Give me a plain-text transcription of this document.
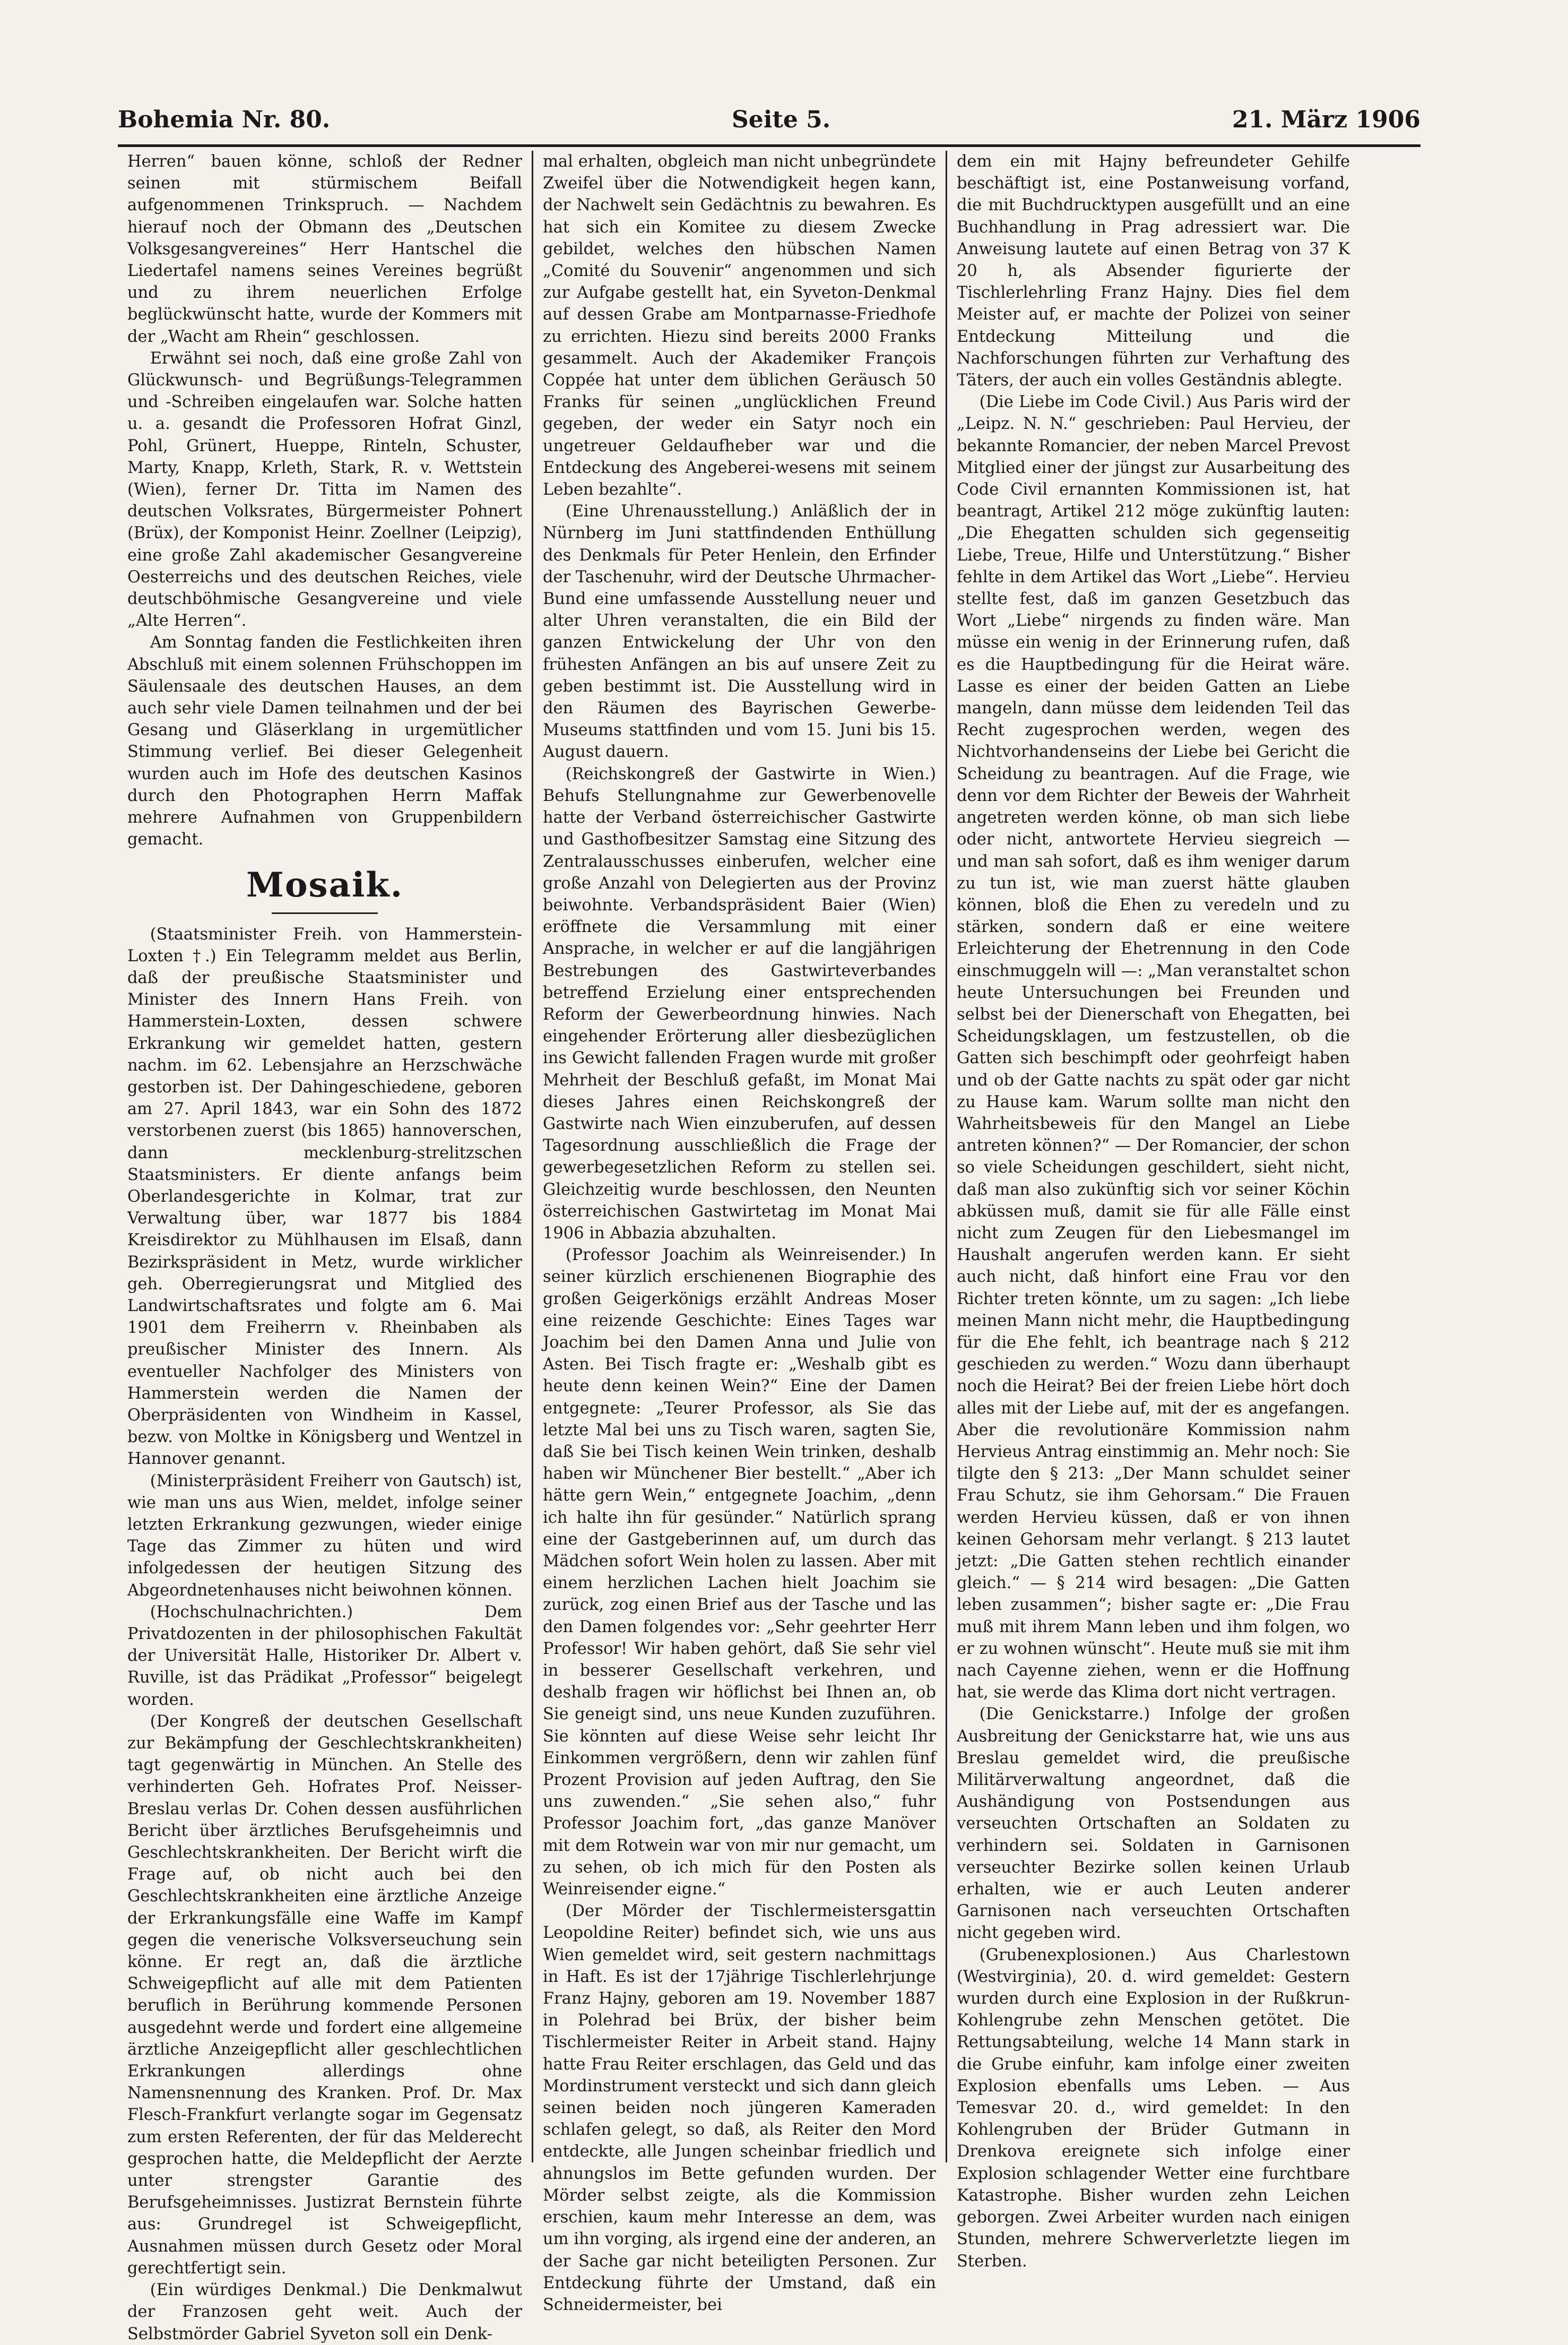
Bohemia Nr. 80.	Seite 5.	21. März 1906

Herren“ bauen könne, schloß der Redner seinen mit stürmischem Beifall aufgenommenen Trinkspruch. — Nachdem hierauf noch der Obmann des „Deutschen Volksgesangvereines“ Herr Hantschel die Liedertafel namens seines Vereines begrüßt und zu ihrem neuerlichen Erfolge beglückwünscht hatte, wurde der Kommers mit der „Wacht am Rhein“ geschlossen.

Erwähnt sei noch, daß eine große Zahl von Glückwunsch- und Begrüßungs-Telegrammen und -Schreiben eingelaufen war. Solche hatten u. a. gesandt die Professoren Hofrat Ginzl, Pohl, Grünert, Hueppe, Rinteln, Schuster, Marty, Knapp, Krleth, Stark, R. v. Wettstein (Wien), ferner Dr. Titta im Namen des deutschen Volksrates, Bürgermeister Pohnert (Brüx), der Komponist Heinr. Zoellner (Leipzig), eine große Zahl akademischer Gesangvereine Oesterreichs und des deutschen Reiches, viele deutschböhmische Gesangvereine und viele „Alte Herren“.

Am Sonntag fanden die Festlichkeiten ihren Abschluß mit einem solennen Frühschoppen im Säulensaale des deutschen Hauses, an dem auch sehr viele Damen teilnahmen und der bei Gesang und Gläserklang in urgemütlicher Stimmung verlief. Bei dieser Gelegenheit wurden auch im Hofe des deutschen Kasinos durch den Photographen Herrn Maffak mehrere Aufnahmen von Gruppenbildern gemacht.

Mosaik.

(Staatsminister Freih. von Hammerstein-Loxten †.) Ein Telegramm meldet aus Berlin, daß der preußische Staatsminister und Minister des Innern Hans Freih. von Hammerstein-Loxten, dessen schwere Erkrankung wir gemeldet hatten, gestern nachm. im 62. Lebensjahre an Herzschwäche gestorben ist. Der Dahingeschiedene, geboren am 27. April 1843, war ein Sohn des 1872 verstorbenen zuerst (bis 1865) hannoverschen, dann mecklenburg-strelitzschen Staatsministers. Er diente anfangs beim Oberlandesgerichte in Kolmar, trat zur Verwaltung über, war 1877 bis 1884 Kreisdirektor zu Mühlhausen im Elsaß, dann Bezirkspräsident in Metz, wurde wirklicher geh. Oberregierungsrat und Mitglied des Landwirtschaftsrates und folgte am 6. Mai 1901 dem Freiherrn v. Rheinbaben als preußischer Minister des Innern. Als eventueller Nachfolger des Ministers von Hammerstein werden die Namen der Oberpräsidenten von Windheim in Kassel, bezw. von Moltke in Königsberg und Wentzel in Hannover genannt.

(Ministerpräsident Freiherr von Gautsch) ist, wie man uns aus Wien, meldet, infolge seiner letzten Erkrankung gezwungen, wieder einige Tage das Zimmer zu hüten und wird infolgedessen der heutigen Sitzung des Abgeordnetenhauses nicht beiwohnen können.

(Hochschulnachrichten.) Dem Privatdozenten in der philosophischen Fakultät der Universität Halle, Historiker Dr. Albert v. Ruville, ist das Prädikat „Professor“ beigelegt worden.

(Der Kongreß der deutschen Gesellschaft zur Bekämpfung der Geschlechtskrankheiten) tagt gegenwärtig in München. An Stelle des verhinderten Geh. Hofrates Prof. Neisser-Breslau verlas Dr. Cohen dessen ausführlichen Bericht über ärztliches Berufsgeheimnis und Geschlechtskrankheiten. Der Bericht wirft die Frage auf, ob nicht auch bei den Geschlechtskrankheiten eine ärztliche Anzeige der Erkrankungsfälle eine Waffe im Kampf gegen die venerische Volksverseuchung sein könne. Er regt an, daß die ärztliche Schweigepflicht auf alle mit dem Patienten beruflich in Berührung kommende Personen ausgedehnt werde und fordert eine allgemeine ärztliche Anzeigepflicht aller geschlechtlichen Erkrankungen allerdings ohne Namensnennung des Kranken. Prof. Dr. Max Flesch-Frankfurt verlangte sogar im Gegensatz zum ersten Referenten, der für das Melderecht gesprochen hatte, die Meldepflicht der Aerzte unter strengster Garantie des Berufsgeheimnisses. Justizrat Bernstein führte aus: Grundregel ist Schweigepflicht, Ausnahmen müssen durch Gesetz oder Moral gerechtfertigt sein.

(Ein würdiges Denkmal.) Die Denkmalwut der Franzosen geht weit. Auch der Selbstmörder Gabriel Syveton soll ein Denk-

mal erhalten, obgleich man nicht unbegründete Zweifel über die Notwendigkeit hegen kann, der Nachwelt sein Gedächtnis zu bewahren. Es hat sich ein Komitee zu diesem Zwecke gebildet, welches den hübschen Namen „Comité du Souvenir“ angenommen und sich zur Aufgabe gestellt hat, ein Syveton-Denkmal auf dessen Grabe am Montparnasse-Friedhofe zu errichten. Hiezu sind bereits 2000 Franks gesammelt. Auch der Akademiker François Coppée hat unter dem üblichen Geräusch 50 Franks für seinen „unglücklichen Freund gegeben, der weder ein Satyr noch ein ungetreuer Geldaufheber war und die Entdeckung des Angeberei-wesens mit seinem Leben bezahlte“.

(Eine Uhrenausstellung.) Anläßlich der in Nürnberg im Juni stattfindenden Enthüllung des Denkmals für Peter Henlein, den Erfinder der Taschenuhr, wird der Deutsche Uhrmacher-Bund eine umfassende Ausstellung neuer und alter Uhren veranstalten, die ein Bild der ganzen Entwickelung der Uhr von den frühesten Anfängen an bis auf unsere Zeit zu geben bestimmt ist. Die Ausstellung wird in den Räumen des Bayrischen Gewerbe-Museums stattfinden und vom 15. Juni bis 15. August dauern.

(Reichskongreß der Gastwirte in Wien.) Behufs Stellungnahme zur Gewerbenovelle hatte der Verband österreichischer Gastwirte und Gasthofbesitzer Samstag eine Sitzung des Zentralausschusses einberufen, welcher eine große Anzahl von Delegierten aus der Provinz beiwohnte. Verbandspräsident Baier (Wien) eröffnete die Versammlung mit einer Ansprache, in welcher er auf die langjährigen Bestrebungen des Gastwirteverbandes betreffend Erzielung einer entsprechenden Reform der Gewerbeordnung hinwies. Nach eingehender Erörterung aller diesbezüglichen ins Gewicht fallenden Fragen wurde mit großer Mehrheit der Beschluß gefaßt, im Monat Mai dieses Jahres einen Reichskongreß der Gastwirte nach Wien einzuberufen, auf dessen Tagesordnung ausschließlich die Frage der gewerbegesetzlichen Reform zu stellen sei. Gleichzeitig wurde beschlossen, den Neunten österreichischen Gastwirtetag im Monat Mai 1906 in Abbazia abzuhalten.

(Professor Joachim als Weinreisender.) In seiner kürzlich erschienenen Biographie des großen Geigerkönigs erzählt Andreas Moser eine reizende Geschichte: Eines Tages war Joachim bei den Damen Anna und Julie von Asten. Bei Tisch fragte er: „Weshalb gibt es heute denn keinen Wein?“ Eine der Damen entgegnete: „Teurer Professor, als Sie das letzte Mal bei uns zu Tisch waren, sagten Sie, daß Sie bei Tisch keinen Wein trinken, deshalb haben wir Münchener Bier bestellt.“ „Aber ich hätte gern Wein,“ entgegnete Joachim, „denn ich halte ihn für gesünder.“ Natürlich sprang eine der Gastgeberinnen auf, um durch das Mädchen sofort Wein holen zu lassen. Aber mit einem herzlichen Lachen hielt Joachim sie zurück, zog einen Brief aus der Tasche und las den Damen folgendes vor: „Sehr geehrter Herr Professor! Wir haben gehört, daß Sie sehr viel in besserer Gesellschaft verkehren, und deshalb fragen wir höflichst bei Ihnen an, ob Sie geneigt sind, uns neue Kunden zuzuführen. Sie könnten auf diese Weise sehr leicht Ihr Einkommen vergrößern, denn wir zahlen fünf Prozent Provision auf jeden Auftrag, den Sie uns zuwenden.“ „Sie sehen also,“ fuhr Professor Joachim fort, „das ganze Manöver mit dem Rotwein war von mir nur gemacht, um zu sehen, ob ich mich für den Posten als Weinreisender eigne.“

(Der Mörder der Tischlermeistersgattin Leopoldine Reiter) befindet sich, wie uns aus Wien gemeldet wird, seit gestern nachmittags in Haft. Es ist der 17jährige Tischlerlehrjunge Franz Hajny, geboren am 19. November 1887 in Polehrad bei Brüx, der bisher beim Tischlermeister Reiter in Arbeit stand. Hajny hatte Frau Reiter erschlagen, das Geld und das Mordinstrument versteckt und sich dann gleich seinen beiden noch jüngeren Kameraden schlafen gelegt, so daß, als Reiter den Mord entdeckte, alle Jungen scheinbar friedlich und ahnungslos im Bette gefunden wurden. Der Mörder selbst zeigte, als die Kommission erschien, kaum mehr Interesse an dem, was um ihn vorging, als irgend eine der anderen, an der Sache gar nicht beteiligten Personen. Zur Entdeckung führte der Umstand, daß ein Schneidermeister, bei

dem ein mit Hajny befreundeter Gehilfe beschäftigt ist, eine Postanweisung vorfand, die mit Buchdrucktypen ausgefüllt und an eine Buchhandlung in Prag adressiert war. Die Anweisung lautete auf einen Betrag von 37 K 20 h, als Absender figurierte der Tischlerlehrling Franz Hajny. Dies fiel dem Meister auf, er machte der Polizei von seiner Entdeckung Mitteilung und die Nachforschungen führten zur Verhaftung des Täters, der auch ein volles Geständnis ablegte.

(Die Liebe im Code Civil.) Aus Paris wird der „Leipz. N. N.“ geschrieben: Paul Hervieu, der bekannte Romancier, der neben Marcel Prevost Mitglied einer der jüngst zur Ausarbeitung des Code Civil ernannten Kommissionen ist, hat beantragt, Artikel 212 möge zukünftig lauten: „Die Ehegatten schulden sich gegenseitig Liebe, Treue, Hilfe und Unterstützung.“ Bisher fehlte in dem Artikel das Wort „Liebe“. Hervieu stellte fest, daß im ganzen Gesetzbuch das Wort „Liebe“ nirgends zu finden wäre. Man müsse ein wenig in der Erinnerung rufen, daß es die Hauptbedingung für die Heirat wäre. Lasse es einer der beiden Gatten an Liebe mangeln, dann müsse dem leidenden Teil das Recht zugesprochen werden, wegen des Nichtvorhandenseins der Liebe bei Gericht die Scheidung zu beantragen. Auf die Frage, wie denn vor dem Richter der Beweis der Wahrheit angetreten werden könne, ob man sich liebe oder nicht, antwortete Hervieu siegreich — und man sah sofort, daß es ihm weniger darum zu tun ist, wie man zuerst hätte glauben können, bloß die Ehen zu veredeln und zu stärken, sondern daß er eine weitere Erleichterung der Ehetrennung in den Code einschmuggeln will —: „Man veranstaltet schon heute Untersuchungen bei Freunden und selbst bei der Dienerschaft von Ehegatten, bei Scheidungsklagen, um festzustellen, ob die Gatten sich beschimpft oder geohrfeigt haben und ob der Gatte nachts zu spät oder gar nicht zu Hause kam. Warum sollte man nicht den Wahrheitsbeweis für den Mangel an Liebe antreten können?“ — Der Romancier, der schon so viele Scheidungen geschildert, sieht nicht, daß man also zukünftig sich vor seiner Köchin abküssen muß, damit sie für alle Fälle einst nicht zum Zeugen für den Liebesmangel im Haushalt angerufen werden kann. Er sieht auch nicht, daß hinfort eine Frau vor den Richter treten könnte, um zu sagen: „Ich liebe meinen Mann nicht mehr, die Hauptbedingung für die Ehe fehlt, ich beantrage nach § 212 geschieden zu werden.“ Wozu dann überhaupt noch die Heirat? Bei der freien Liebe hört doch alles mit der Liebe auf, mit der es angefangen. Aber die revolutionäre Kommission nahm Hervieus Antrag einstimmig an. Mehr noch: Sie tilgte den § 213: „Der Mann schuldet seiner Frau Schutz, sie ihm Gehorsam.“ Die Frauen werden Hervieu küssen, daß er von ihnen keinen Gehorsam mehr verlangt. § 213 lautet jetzt: „Die Gatten stehen rechtlich einander gleich.“ — § 214 wird besagen: „Die Gatten leben zusammen“; bisher sagte er: „Die Frau muß mit ihrem Mann leben und ihm folgen, wo er zu wohnen wünscht“. Heute muß sie mit ihm nach Cayenne ziehen, wenn er die Hoffnung hat, sie werde das Klima dort nicht vertragen.

(Die Genickstarre.) Infolge der großen Ausbreitung der Genickstarre hat, wie uns aus Breslau gemeldet wird, die preußische Militärverwaltung angeordnet, daß die Aushändigung von Postsendungen aus verseuchten Ortschaften an Soldaten zu verhindern sei. Soldaten in Garnisonen verseuchter Bezirke sollen keinen Urlaub erhalten, wie er auch Leuten anderer Garnisonen nach verseuchten Ortschaften nicht gegeben wird.

(Grubenexplosionen.) Aus Charlestown (Westvirginia), 20. d. wird gemeldet: Gestern wurden durch eine Explosion in der Rußkrun-Kohlengrube zehn Menschen getötet. Die Rettungsabteilung, welche 14 Mann stark in die Grube einfuhr, kam infolge einer zweiten Explosion ebenfalls ums Leben. — Aus Temesvar 20. d., wird gemeldet: In den Kohlengruben der Brüder Gutmann in Drenkova ereignete sich infolge einer Explosion schlagender Wetter eine furchtbare Katastrophe. Bisher wurden zehn Leichen geborgen. Zwei Arbeiter wurden nach einigen Stunden, mehrere Schwerverletzte liegen im Sterben.
